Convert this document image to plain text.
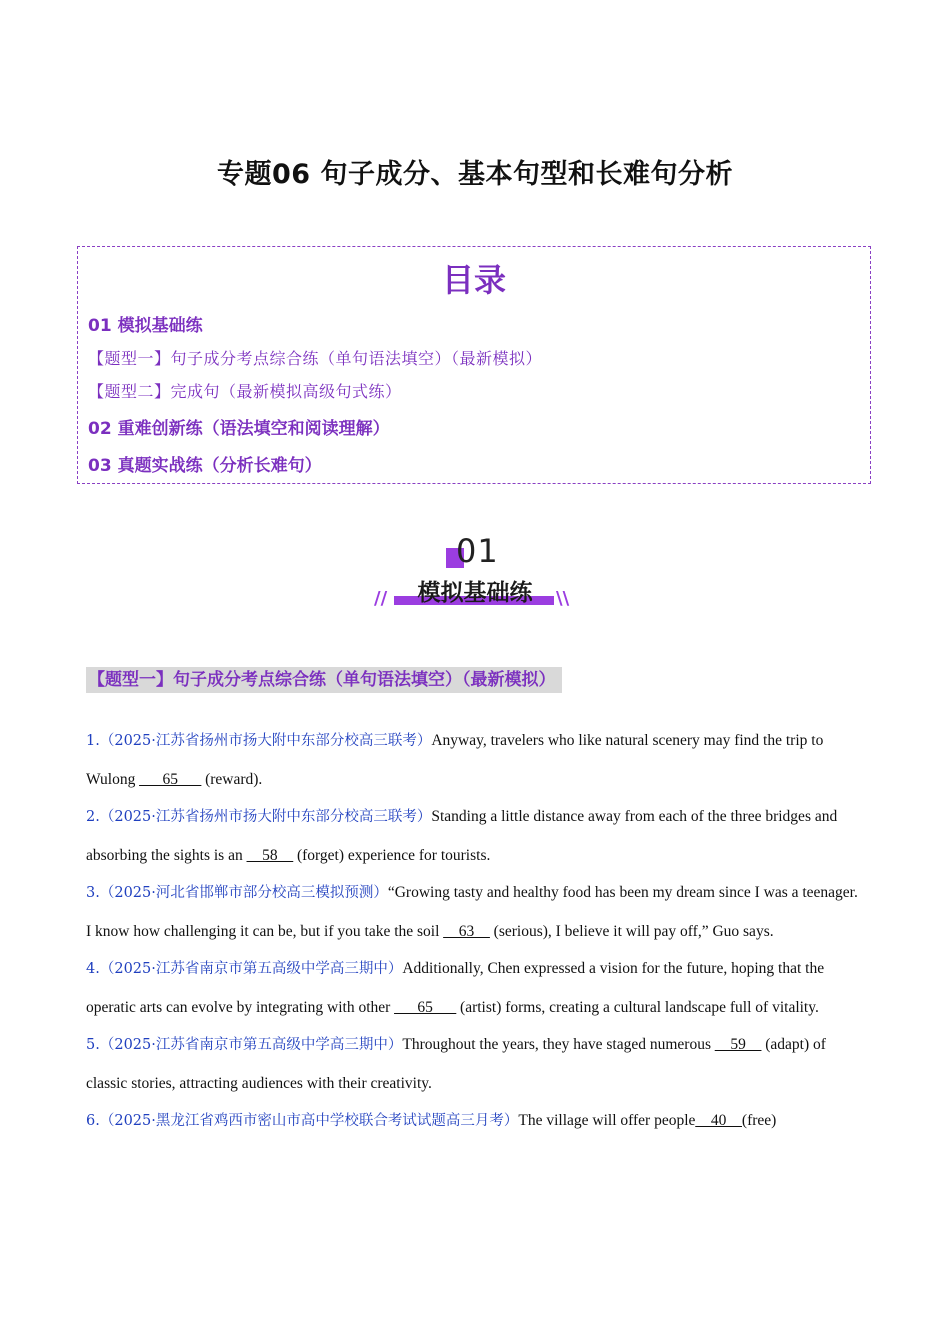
专题06 句子成分、基本句型和长难句分析
目录
01 模拟基础练
【题型一】句子成分考点综合练（单句语法填空）（最新模拟）
【题型二】完成句（最新模拟高级句式练）
02 重难创新练（语法填空和阅读理解）
03 真题实战练（分析长难句）
01
模拟基础练
//	\\
【题型一】句子成分考点综合练（单句语法填空）（最新模拟）

1.（2025·江苏省扬州市扬大附中东部分校高三联考）Anyway, travelers who like natural scenery may find the trip to Wulong ___65___ (reward).

2.（2025·江苏省扬州市扬大附中东部分校高三联考）Standing a little distance away from each of the three bridges and absorbing the sights is an __58__ (forget) experience for tourists.

3.（2025·河北省邯郸市部分校高三模拟预测）“Growing tasty and healthy food has been my dream since I was a teenager. I know how challenging it can be, but if you take the soil __63__ (serious), I believe it will pay off,” Guo says.

4.（2025·江苏省南京市第五高级中学高三期中）Additionally, Chen expressed a vision for the future, hoping that the operatic arts can evolve by integrating with other ___65___ (artist) forms, creating a cultural landscape full of vitality.

5.（2025·江苏省南京市第五高级中学高三期中）Throughout the years, they have staged numerous __59__ (adapt) of classic stories, attracting audiences with their creativity.

6.（2025·黑龙江省鸡西市密山市高中学校联合考试试题高三月考）The village will offer people__40__(free)
